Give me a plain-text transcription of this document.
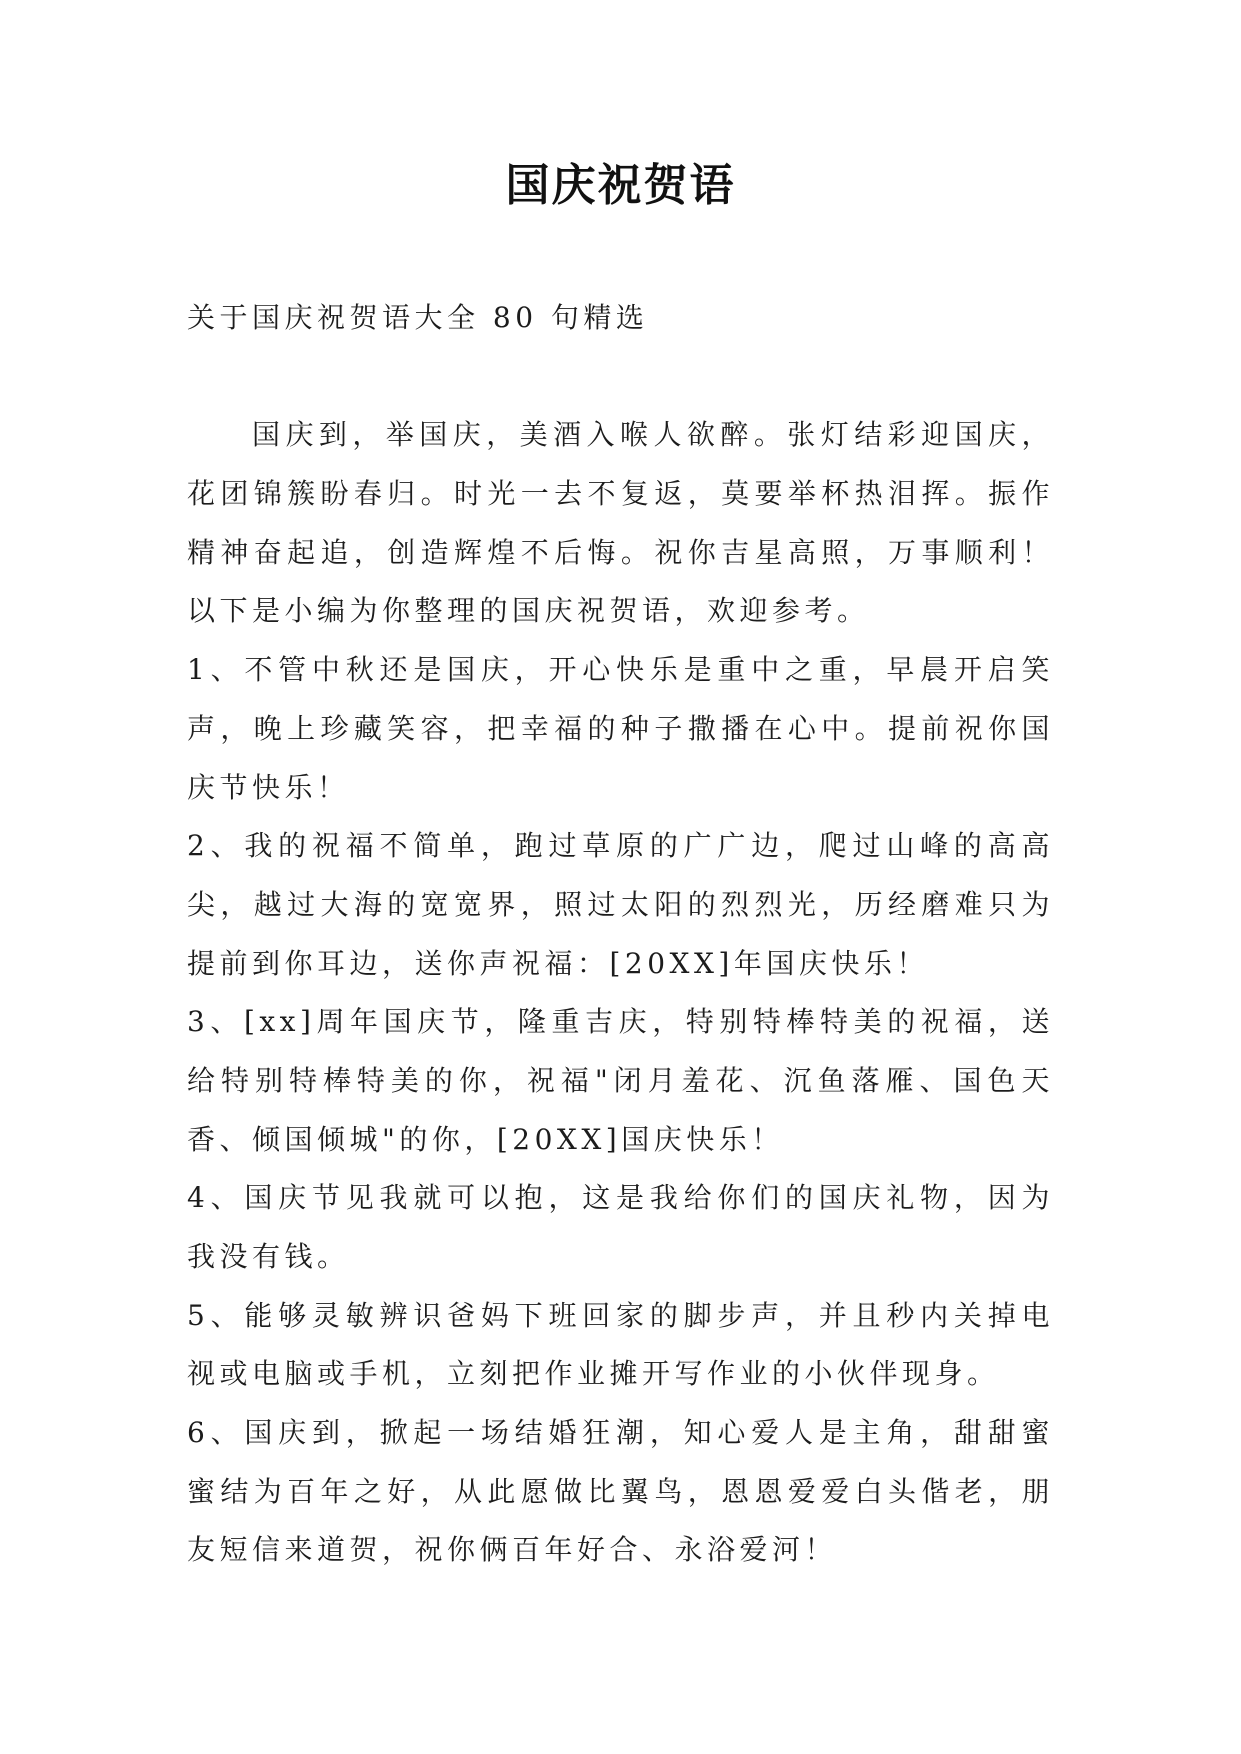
国庆祝贺语
关于国庆祝贺语大全 80 句精选
国庆到，举国庆，美酒入喉人欲醉。张灯结彩迎国庆，
花团锦簇盼春归。时光一去不复返，莫要举杯热泪挥。振作
精神奋起追，创造辉煌不后悔。祝你吉星高照，万事顺利！
以下是小编为你整理的国庆祝贺语，欢迎参考。
1、不管中秋还是国庆，开心快乐是重中之重，早晨开启笑
声，晚上珍藏笑容，把幸福的种子撒播在心中。提前祝你国
庆节快乐！
2、我的祝福不简单，跑过草原的广广边，爬过山峰的高高
尖，越过大海的宽宽界，照过太阳的烈烈光，历经磨难只为
提前到你耳边，送你声祝福：[20XX]年国庆快乐！
3、[xx]周年国庆节，隆重吉庆，特别特棒特美的祝福，送
给特别特棒特美的你，祝福"闭月羞花、沉鱼落雁、国色天
香、倾国倾城"的你，[20XX]国庆快乐！
4、国庆节见我就可以抱，这是我给你们的国庆礼物，因为
我没有钱。
5、能够灵敏辨识爸妈下班回家的脚步声，并且秒内关掉电
视或电脑或手机，立刻把作业摊开写作业的小伙伴现身。
6、国庆到，掀起一场结婚狂潮，知心爱人是主角，甜甜蜜
蜜结为百年之好，从此愿做比翼鸟，恩恩爱爱白头偕老，朋
友短信来道贺，祝你俩百年好合、永浴爱河！
